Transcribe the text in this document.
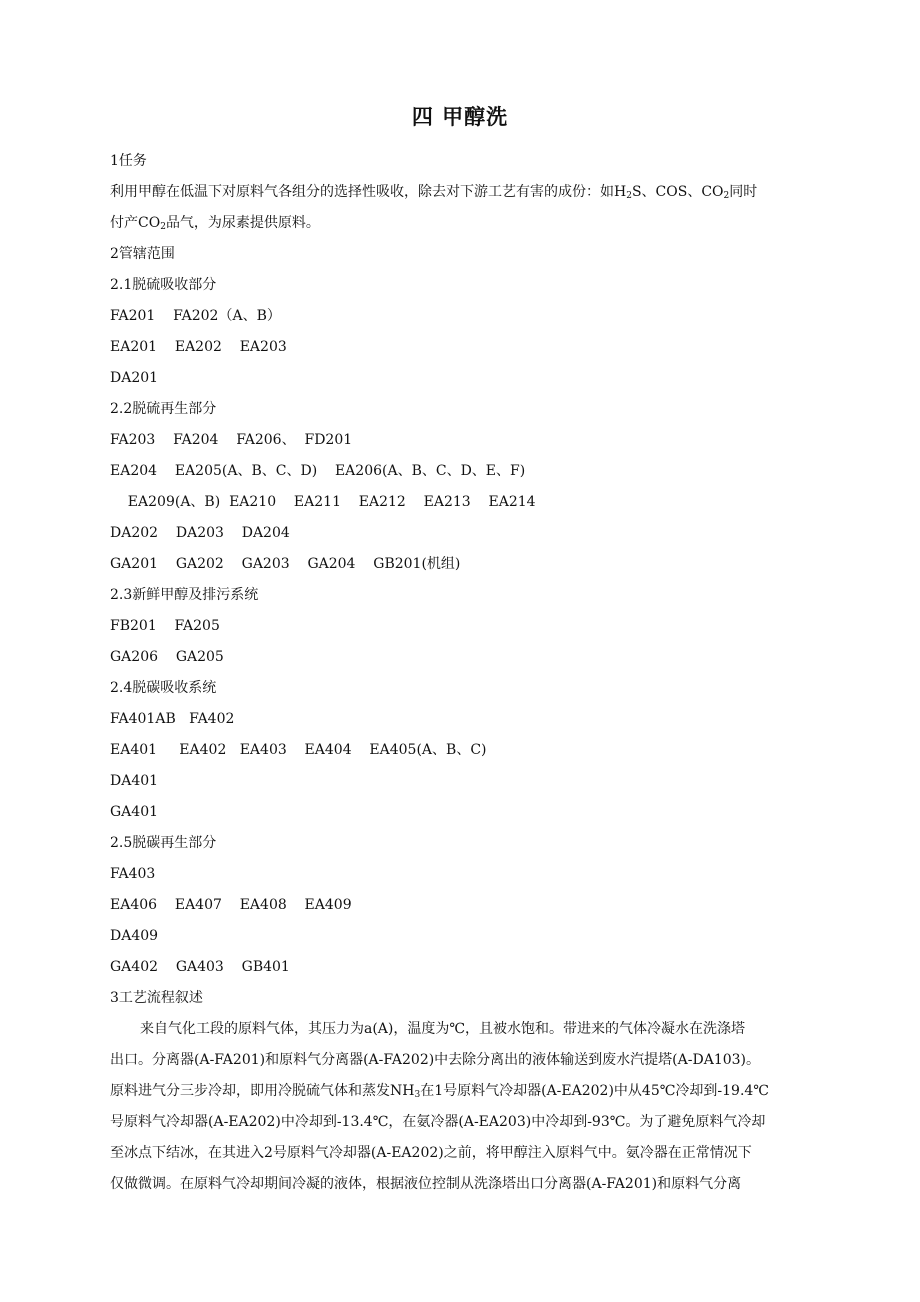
四 甲醇洗
1任务
利用甲醇在低温下对原料气各组分的选择性吸收，除去对下游工艺有害的成份：如$H_2S$、COS、$CO_2$同时
付产$CO_2$品气，为尿素提供原料。
2管辖范围
2.1脱硫吸收部分
FA201    FA202（A、B）
EA201    EA202    EA203
DA201
2.2脱硫再生部分
FA203    FA204    FA206、  FD201
EA204    EA205(A、B、C、D)    EA206(A、B、C、D、E、F)
EA209(A、B)  EA210    EA211    EA212    EA213    EA214
DA202    DA203    DA204
GA201    GA202    GA203    GA204    GB201(机组)
2.3新鲜甲醇及排污系统
FB201    FA205
GA206    GA205
2.4脱碳吸收系统
FA401AB   FA402
EA401     EA402   EA403    EA404    EA405(A、B、C)
DA401
GA401
2.5脱碳再生部分
FA403
EA406    EA407    EA408    EA409
DA409
GA402    GA403    GB401
3工艺流程叙述
来自气化工段的原料气体，其压力为a(A)，温度为℃，且被水饱和。带进来的气体冷凝水在洗涤塔
出口。分离器(A-FA201)和原料气分离器(A-FA202)中去除分离出的液体输送到废水汽提塔(A-DA103)。
原料进气分三步冷却，即用冷脱硫气体和蒸发$NH_3$在1号原料气冷却器(A-EA202)中从45℃冷却到-19.4℃
号原料气冷却器(A-EA202)中冷却到-13.4℃，在氨冷器(A-EA203)中冷却到-93℃。为了避免原料气冷却
至冰点下结冰，在其进入2号原料气冷却器(A-EA202)之前，将甲醇注入原料气中。氨冷器在正常情况下
仅做微调。在原料气冷却期间冷凝的液体，根据液位控制从洗涤塔出口分离器(A-FA201)和原料气分离
